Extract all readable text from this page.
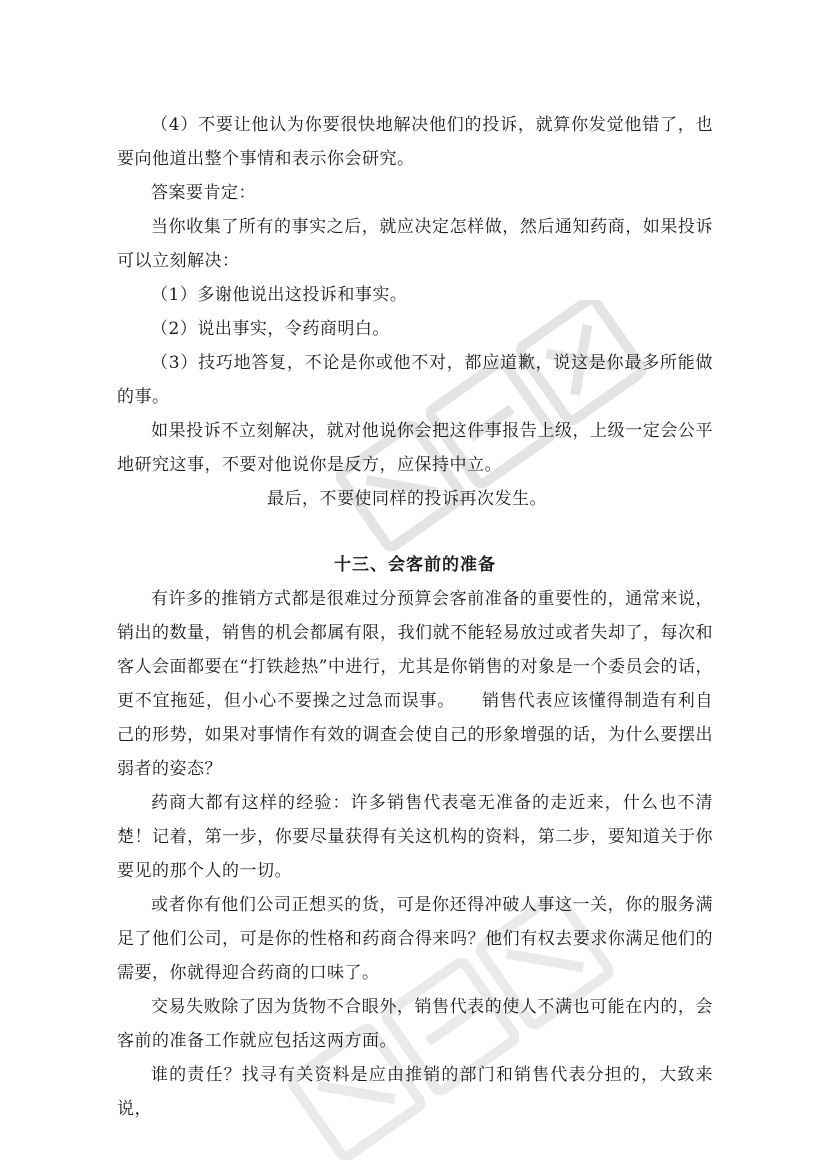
（4）不要让他认为你要很快地解决他们的投诉，就算你发觉他错了，也要向他道出整个事情和表示你会研究。

答案要肯定：

当你收集了所有的事实之后，就应决定怎样做，然后通知药商，如果投诉可以立刻解决：

（1）多谢他说出这投诉和事实。

（2）说出事实，令药商明白。

（3）技巧地答复，不论是你或他不对，都应道歉，说这是你最多所能做的事。

如果投诉不立刻解决，就对他说你会把这件事报告上级，上级一定会公平地研究这事，不要对他说你是反方，应保持中立。

最后，不要使同样的投诉再次发生。

十三、会客前的准备

有许多的推销方式都是很难过分预算会客前准备的重要性的，通常来说，销出的数量，销售的机会都属有限，我们就不能轻易放过或者失却了，每次和客人会面都要在“打铁趁热”中进行，尤其是你销售的对象是一个委员会的话，更不宜拖延，但小心不要操之过急而误事。　　销售代表应该懂得制造有利自己的形势，如果对事情作有效的调查会使自己的形象增强的话，为什么要摆出弱者的姿态？

药商大都有这样的经验：许多销售代表毫无准备的走近来，什么也不清楚！记着，第一步，你要尽量获得有关这机构的资料，第二步，要知道关于你要见的那个人的一切。

或者你有他们公司正想买的货，可是你还得冲破人事这一关，你的服务满足了他们公司，可是你的性格和药商合得来吗？他们有权去要求你满足他们的需要，你就得迎合药商的口味了。

交易失败除了因为货物不合眼外，销售代表的使人不满也可能在内的，会客前的准备工作就应包括这两方面。

谁的责任？找寻有关资料是应由推销的部门和销售代表分担的，大致来说，
